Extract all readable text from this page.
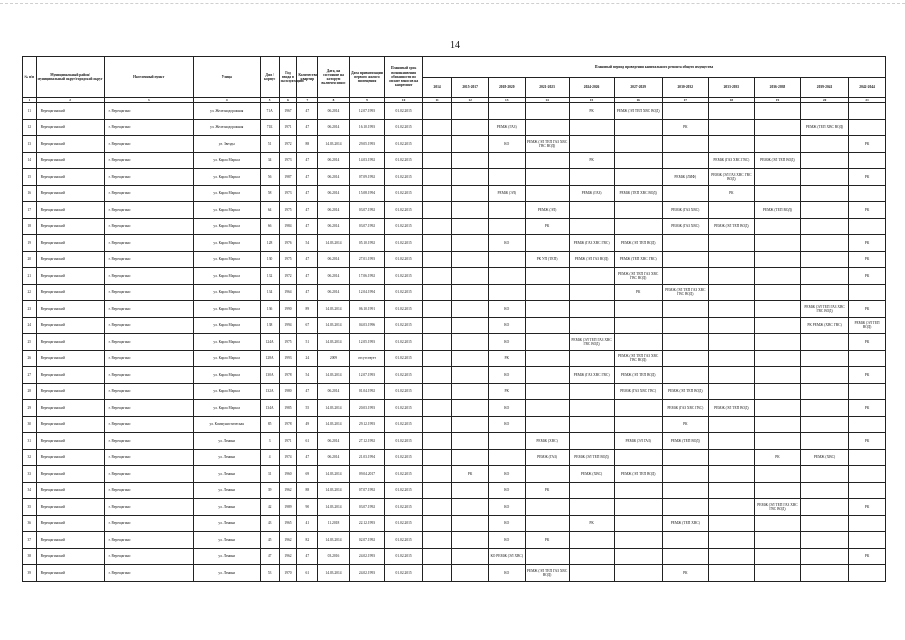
14
№ п/п	Муниципальный район/ муниципальный округ/городской округ	Населенный пункт	Улица	Дом / корпус	Год ввода в эксплуатацию	Количество квартир	Дата, на состояние на которую включен износ	Дата приватизации первого жилого помещения	Плановый срок возникновения обязанности по оплате взносов на капремонт	Плановый период проведения капитального ремонта общего имущества										
										2014	2015-2017	2018-2020	2021-2023	2024-2026	2027-2029	2030-2032	2033-2035	2036-2038	2039-2041	2042-2044
1	2	3	4	5	6	7	8	9	10	11	12	13	14	15	16	17	18	19	20	21
11	Верещагинский	г. Верещагино	ул. Железнодорожная	71А	1967	47	06.2014	12.07.1993	01.02.2015					РК	РЕМЖ (ЭЛ ТЕП ХВС ВОД)					
12	Верещагинский	г. Верещагино	ул. Железнодорожная	71Б	1971	47	06.2014	16.10.1993	01.02.2015			РЕМЖ (ГАЗ)				РК			РЕМЖ (ТЕП ХВС ВОД)	
13	Верещагинский	г. Верещагино	ул. Звезды	51	1972	88	14.03.2014	29.05.1993	01.02.2015			КО	РЕМЖ (ЭЛ ТЕП ГАЗ ХВС ГВС ВОД)							РК
14	Верещагинский	г. Верещагино	ул. Карла Маркса	34	1973	47	06.2014	14.03.1992	01.02.2015					РК			РЕМЖ (ГАЗ ХВС ГВС)	РЕМЖ (ЭЛ ТЕП ВОД)		
15	Верещагинский	г. Верещагино	ул. Карла Маркса	56	1987	47	06.2014	07.09.1992	01.02.2015							РЕМЖ (ЛИФ)	РЕМЖ (ЭЛ ГАЗ ХВС ГВС ВОД)			РК
16	Верещагинский	г. Верещагино	ул. Карла Маркса	58	1973	47	06.2014	15.08.1994	01.02.2015			РЕМЖ (ЭЛ)		РЕМЖ (ГАЗ)	РЕМЖ (ТЕП ХВС ВОД)		РК			
17	Верещагинский	г. Верещагино	ул. Карла Маркса	64	1975	47	06.2014	03.07.1992	01.02.2015				РЕМЖ (ЭЛ)			РЕМЖ (ГАЗ ХВС)		РЕМЖ (ТЕП ВОД)		РК
18	Верещагинский	г. Верещагино	ул. Карла Маркса	66	1984	47	06.2014	03.07.1992	01.02.2015				РК			РЕМЖ (ГАЗ ХВС)	РЕМЖ (ЭЛ ТЕП ВОД)			
19	Верещагинский	г. Верещагино	ул. Карла Маркса	128	1976	54	14.03.2014	05.10.1992	01.02.2015			КО		РЕМЖ (ГАЗ ХВС ГВС)	РЕМЖ (ЭЛ ТЕП ВОД)					РК
20	Верещагинский	г. Верещагино	ул. Карла Маркса	130	1975	47	06.2014	27.01.1993	01.02.2015				РК УП (ТЕП)	РЕМЖ (ЭЛ ГАЗ ВОД)	РЕМЖ (ТЕП ХВС ГВС)					РК
21	Верещагинский	г. Верещагино	ул. Карла Маркса	132	1972	47	06.2014	17.06.1992	01.02.2015						РЕМЖ (ЭЛ ТЕП ГАЗ ХВС ГВС ВОД)					РК
22	Верещагинский	г. Верещагино	ул. Карла Маркса	134	1964	47	06.2014	12.04.1994	01.02.2015						РК	РЕМЖ (ЭЛ ТЕП ГАЗ ХВС ГВС ВОД)				
23	Верещагинский	г. Верещагино	ул. Карла Маркса	136	1990	89	14.03.2014	06.10.1991	01.02.2015			КО							РЕМЖ (ЭЛ ТЕП ГАЗ ХВС ГВС ВОД)	РК
24	Верещагинский	г. Верещагино	ул. Карла Маркса	138	1994	67	14.03.2014	04.03.1996	01.02.2015			КО							РК РЕМЖ (ХВС ГВС)	РЕМЖ (ЭЛ ТЕП ВОД)
25	Верещагинский	г. Верещагино	ул. Карла Маркса	124А	1975	51	14.03.2014	12.05.1993	01.02.2015			КО		РЕМЖ (ЭЛ ТЕП ГАЗ ХВС ГВС ВОД)						РК
26	Верещагинский	г. Верещагино	ул. Карла Маркса	128А	1993	24	2009	отсутствует	01.02.2015			РК			РЕМЖ (ЭЛ ТЕП ГАЗ ХВС ГВС ВОД)					
27	Верещагинский	г. Верещагино	ул. Карла Маркса	130А	1978	54	14.03.2014	12.07.1993	01.02.2015			КО		РЕМЖ (ГАЗ ХВС ГВС)	РЕМЖ (ЭЛ ТЕП ВОД)					РК
28	Верещагинский	г. Верещагино	ул. Карла Маркса	132А	1980	47	06.2014	01.04.1992	01.02.2015			РК			РЕМЖ (ГАЗ ХВС ГВС)	РЕМЖ (ЭЛ ТЕП ВОД)				
29	Верещагинский	г. Верещагино	ул. Карла Маркса	134А	1985	55	14.03.2014	20.03.1993	01.02.2015			КО				РЕМЖ (ГАЗ ХВС ГВС)	РЕМЖ (ЭЛ ТЕП ВОД)			РК
30	Верещагинский	г. Верещагино	ул. Коммунистическая	85	1978	49	14.03.2014	29.12.1993	01.02.2015			КО				РК				
31	Верещагинский	г. Верещагино	ул. Ленина	3	1971	61	06.2014	27.12.1992	01.02.2015				РЕМЖ (ХВС)		РЕМЖ (ЭЛ ГАЗ)	РЕМЖ (ТЕП ВОД)				РК
32	Верещагинский	г. Верещагино	ул. Ленина	4	1974	47	06.2014	21.03.1994	01.02.2015				РЕМЖ (ГАЗ)	РЕМЖ (ЭЛ ТЕП ВОД)				РК	РЕМЖ (ХВС)	
33	Верещагинский	г. Верещагино	ул. Ленина	31	1960	69	14.03.2014	09.04.2017	01.02.2015		РК	КО		РЕМЖ (ХВС)	РЕМЖ (ЭЛ ТЕП ВОД)					
34	Верещагинский	г. Верещагино	ул. Ленина	39	1962	88	14.03.2014	07.07.1992	01.02.2015			КО	РК							
35	Верещагинский	г. Верещагино	ул. Ленина	42	1989	90	14.03.2014	03.07.1992	01.02.2015			КО						РЕМЖ (ЭЛ ТЕП ГАЗ ХВС ГВС ВОД)		РК
36	Верещагинский	г. Верещагино	ул. Ленина	43	1965	41	11.2018	22.12.1993	01.02.2015			КО		РК		РЕМЖ (ТЕП ХВС)				
37	Верещагинский	г. Верещагино	ул. Ленина	45	1962	82	14.03.2014	02.07.1992	01.02.2015			КО	РК							
38	Верещагинский	г. Верещагино	ул. Ленина	47	1962	47	03.2016	24.02.1993	01.02.2015			КО РЕМЖ (ЭЛ ХВС)								РК
39	Верещагинский	г. Верещагино	ул. Ленина	53	1970	61	14.03.2014	24.02.1993	01.02.2015			КО	РЕМЖ (ЭЛ ТЕП ГАЗ ХВС ВОД)			РК				
